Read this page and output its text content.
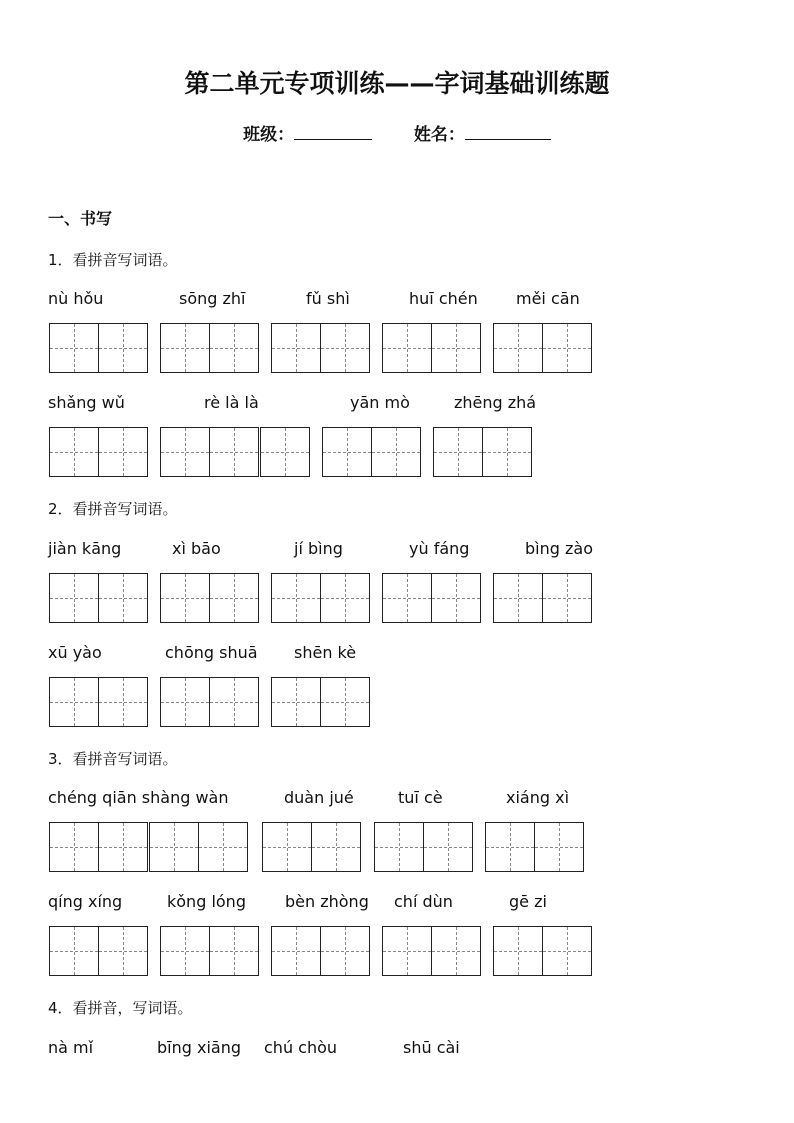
第二单元专项训练——字词基础训练题
班级：	姓名：
一、书写
1．看拼音写词语。
nù hǒu	sōng zhī	fǔ shì	huī chén měi cān
shǎng wǔ	rè là là	yān mò	zhēng zhá
2．看拼音写词语。
jiàn kāng	xì bāo	jí bìng	yù fáng	bìng zào
xū yào	chōng shuā shēn kè
3．看拼音写词语。
chéng qiān shàng wàn	duàn jué	tuī cè	xiáng xì
qíng xíng	kǒng lóng bèn zhòng chí dùn	gē zi
4．看拼音，写词语。
nà mǐ	bīng xiāng chú chòu	shū cài
